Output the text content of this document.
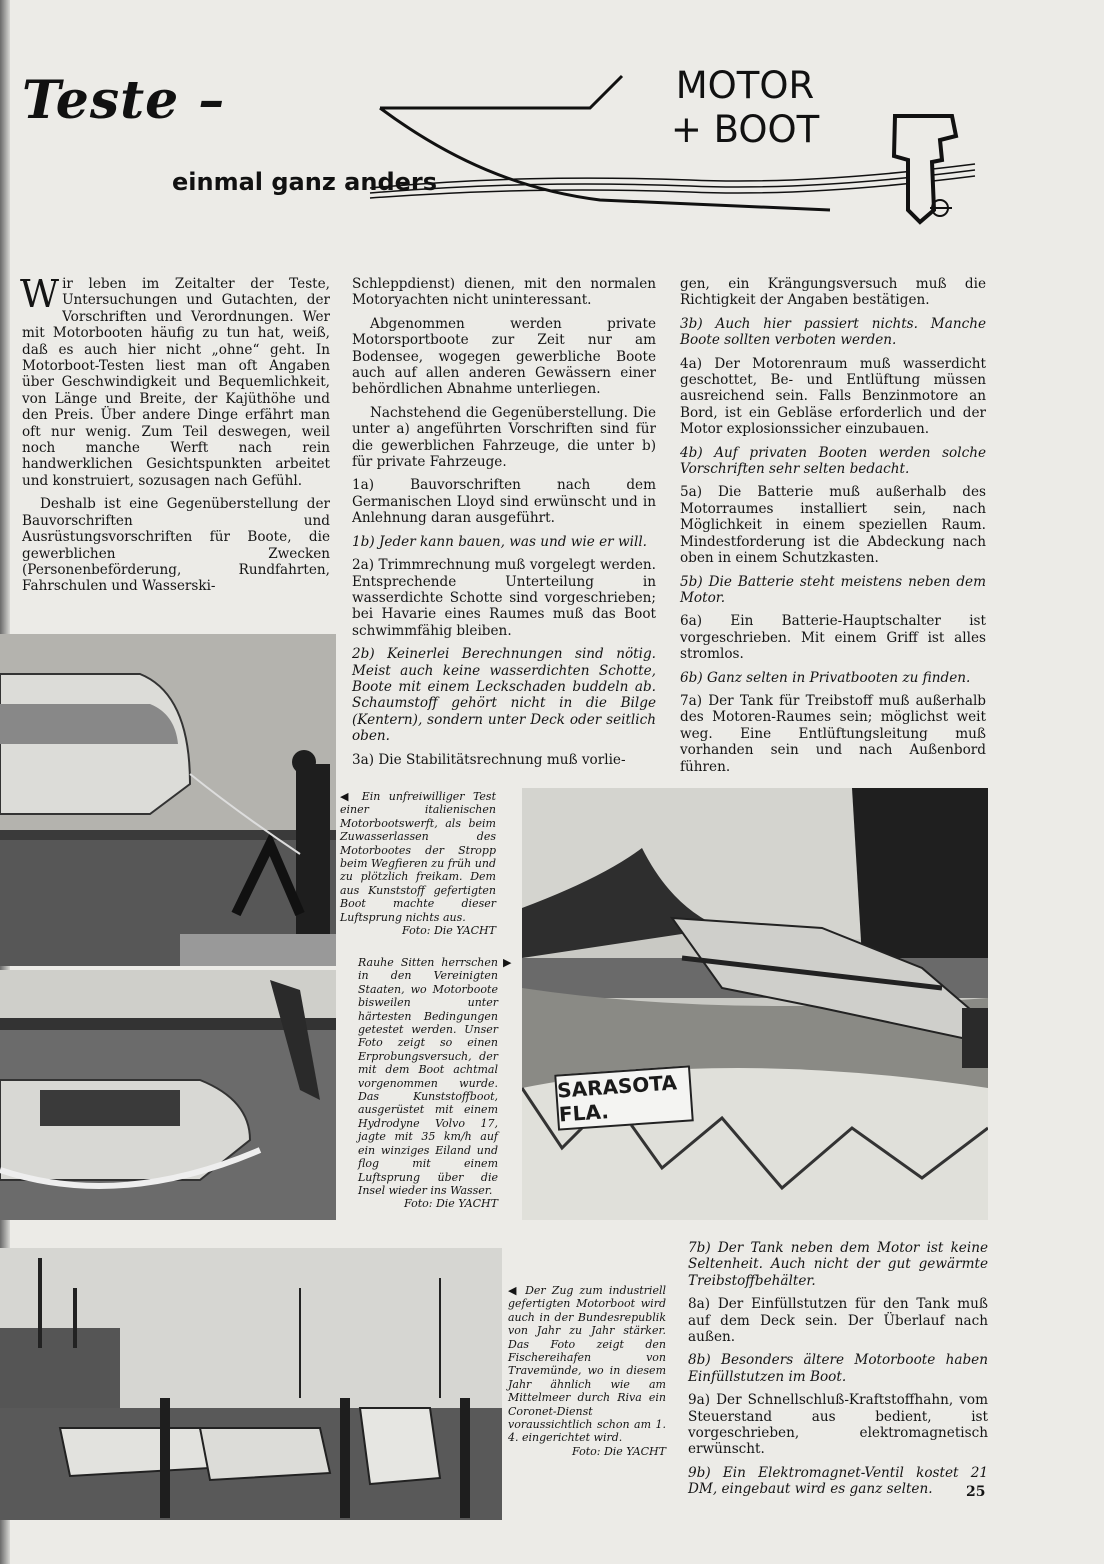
Teste –
einmal ganz anders
MOTOR
+ BOOT

Wir leben im Zeitalter der Teste, Untersuchungen und Gutachten, der Vorschriften und Verordnungen. Wer mit Motorbooten häufig zu tun hat, weiß, daß es auch hier nicht „ohne“ geht. In Motorboot-Testen liest man oft Angaben über Geschwindigkeit und Bequemlichkeit, von Länge und Breite, der Kajüthöhe und den Preis. Über andere Dinge erfährt man oft nur wenig. Zum Teil deswegen, weil noch manche Werft nach rein handwerklichen Gesichtspunkten arbeitet und konstruiert, sozusagen nach Gefühl.

Deshalb ist eine Gegenüberstellung der Bauvorschriften und Ausrüstungsvorschriften für Boote, die gewerblichen Zwecken (Personenbeförderung, Rundfahrten, Fahrschulen und Wasserski-

Schleppdienst) dienen, mit den normalen Motoryachten nicht uninteressant.

Abgenommen werden private Motorsportboote zur Zeit nur am Bodensee, wogegen gewerbliche Boote auch auf allen anderen Gewässern einer behördlichen Abnahme unterliegen.

Nachstehend die Gegenüberstellung. Die unter a) angeführten Vorschriften sind für die gewerblichen Fahrzeuge, die unter b) für private Fahrzeuge.

1a) Bauvorschriften nach dem Germanischen Lloyd sind erwünscht und in Anlehnung daran ausgeführt.

1b) Jeder kann bauen, was und wie er will.

2a) Trimmrechnung muß vorgelegt werden. Entsprechende Unterteilung in wasserdichte Schotte sind vorgeschrieben; bei Havarie eines Raumes muß das Boot schwimmfähig bleiben.

2b) Keinerlei Berechnungen sind nötig. Meist auch keine wasserdichten Schotte, Boote mit einem Leckschaden buddeln ab. Schaumstoff gehört nicht in die Bilge (Kentern), sondern unter Deck oder seitlich oben.

3a) Die Stabilitätsrechnung muß vorlie-

gen, ein Krängungsversuch muß die Richtigkeit der Angaben bestätigen.

3b) Auch hier passiert nichts. Manche Boote sollten verboten werden.

4a) Der Motorenraum muß wasserdicht geschottet, Be- und Entlüftung müssen ausreichend sein. Falls Benzinmotore an Bord, ist ein Gebläse erforderlich und der Motor explosionssicher einzubauen.

4b) Auf privaten Booten werden solche Vorschriften sehr selten bedacht.

5a) Die Batterie muß außerhalb des Motorraumes installiert sein, nach Möglichkeit in einem speziellen Raum. Mindestforderung ist die Abdeckung nach oben in einem Schutzkasten.

5b) Die Batterie steht meistens neben dem Motor.

6a) Ein Batterie-Hauptschalter ist vorgeschrieben. Mit einem Griff ist alles stromlos.

6b) Ganz selten in Privatbooten zu finden.

7a) Der Tank für Treibstoff muß außerhalb des Motoren-Raumes sein; möglichst weit weg. Eine Entlüftungsleitung muß vorhanden sein und nach Außenbord führen.

◀ Ein unfreiwilliger Test einer italienischen Motorbootswerft, als beim Zuwasserlassen des Motorbootes der Stropp beim Wegfieren zu früh und zu plötzlich freikam. Dem aus Kunststoff gefertigten Boot machte dieser Luftsprung nichts aus.
Foto: Die YACHT
Rauhe Sitten herrschen in den Vereinigten Staaten, wo Motorboote bisweilen unter härtesten Bedingungen getestet werden. Unser Foto zeigt so einen Erprobungsversuch, der mit dem Boot achtmal vorgenommen wurde. Das Kunststoffboot, ausgerüstet mit einem Hydrodyne Volvo 17, jagte mit 35 km/h auf ein winziges Eiland und flog mit einem Luftsprung über die Insel wieder ins Wasser.
Foto: Die YACHT
▶
SARASOTA FLA.
◀ Der Zug zum industriell gefertigten Motorboot wird auch in der Bundesrepublik von Jahr zu Jahr stärker. Das Foto zeigt den Fischereihafen von Travemünde, wo in diesem Jahr ähnlich wie am Mittelmeer durch Riva ein Coronet-Dienst voraussichtlich schon am 1. 4. eingerichtet wird.
Foto: Die YACHT

7b) Der Tank neben dem Motor ist keine Seltenheit. Auch nicht der gut gewärmte Treibstoffbehälter.

8a) Der Einfüllstutzen für den Tank muß auf dem Deck sein. Der Überlauf nach außen.

8b) Besonders ältere Motorboote haben Einfüllstutzen im Boot.

9a) Der Schnellschluß-Kraftstoffhahn, vom Steuerstand aus bedient, ist vorgeschrieben, elektromagnetisch erwünscht.

9b) Ein Elektromagnet-Ventil kostet 21 DM, eingebaut wird es ganz selten.	25
